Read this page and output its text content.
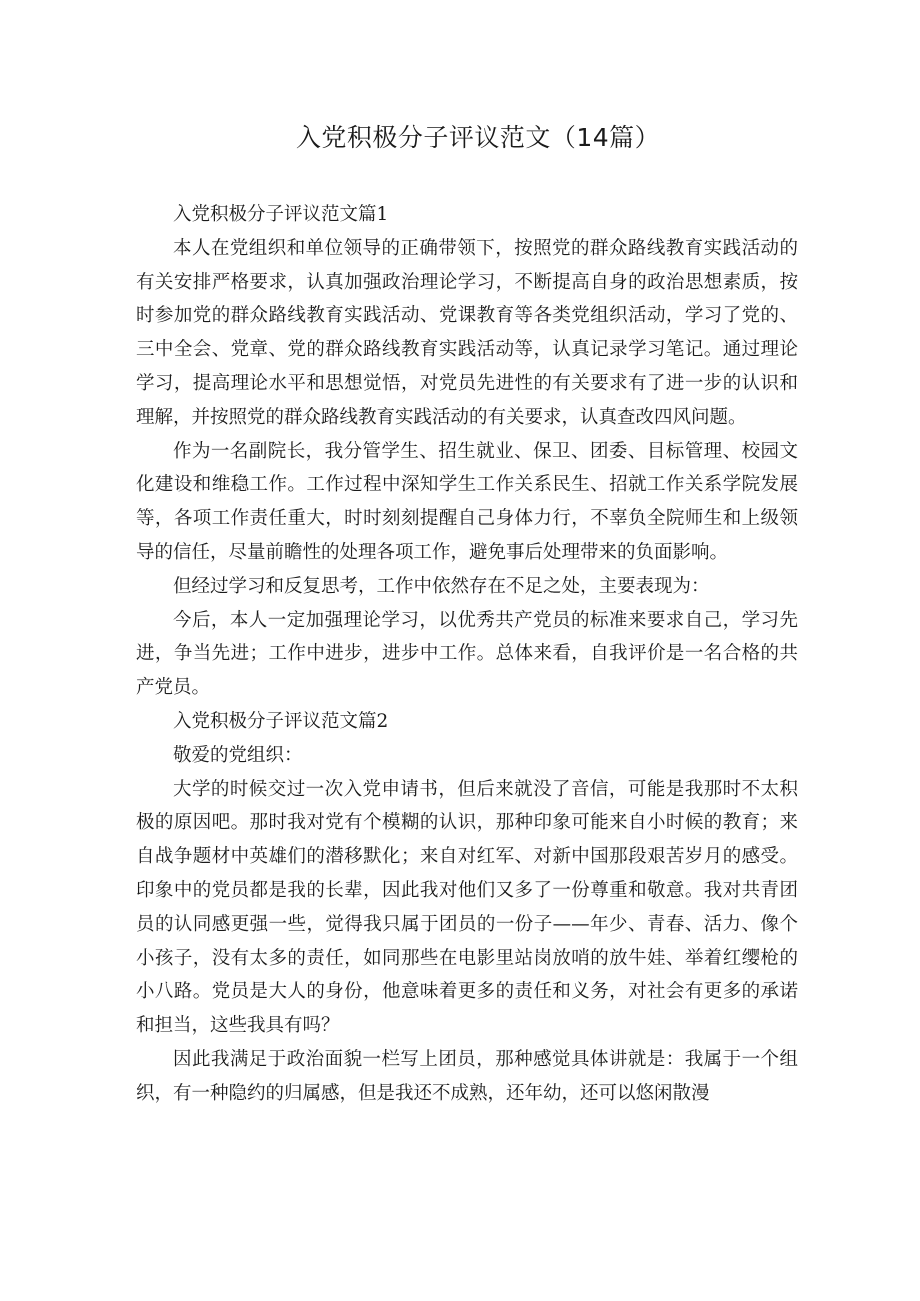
入党积极分子评议范文（14篇）

入党积极分子评议范文篇1

本人在党组织和单位领导的正确带领下，按照党的群众路线教育实践活动的有关安排严格要求，认真加强政治理论学习，不断提高自身的政治思想素质，按时参加党的群众路线教育实践活动、党课教育等各类党组织活动，学习了党的、三中全会、党章、党的群众路线教育实践活动等，认真记录学习笔记。通过理论学习，提高理论水平和思想觉悟，对党员先进性的有关要求有了进一步的认识和理解，并按照党的群众路线教育实践活动的有关要求，认真查改四风问题。

作为一名副院长，我分管学生、招生就业、保卫、团委、目标管理、校园文化建设和维稳工作。工作过程中深知学生工作关系民生、招就工作关系学院发展等，各项工作责任重大，时时刻刻提醒自己身体力行，不辜负全院师生和上级领导的信任，尽量前瞻性的处理各项工作，避免事后处理带来的负面影响。

但经过学习和反复思考，工作中依然存在不足之处，主要表现为：

今后，本人一定加强理论学习，以优秀共产党员的标准来要求自己，学习先进，争当先进；工作中进步，进步中工作。总体来看，自我评价是一名合格的共产党员。

入党积极分子评议范文篇2

敬爱的党组织：

大学的时候交过一次入党申请书，但后来就没了音信，可能是我那时不太积极的原因吧。那时我对党有个模糊的认识，那种印象可能来自小时候的教育；来自战争题材中英雄们的潜移默化；来自对红军、对新中国那段艰苦岁月的感受。印象中的党员都是我的长辈，因此我对他们又多了一份尊重和敬意。我对共青团员的认同感更强一些，觉得我只属于团员的一份子——年少、青春、活力、像个小孩子，没有太多的责任，如同那些在电影里站岗放哨的放牛娃、举着红缨枪的小八路。党员是大人的身份，他意味着更多的责任和义务，对社会有更多的承诺和担当，这些我具有吗？

因此我满足于政治面貌一栏写上团员，那种感觉具体讲就是：我属于一个组织，有一种隐约的归属感，但是我还不成熟，还年幼，还可以悠闲散漫
